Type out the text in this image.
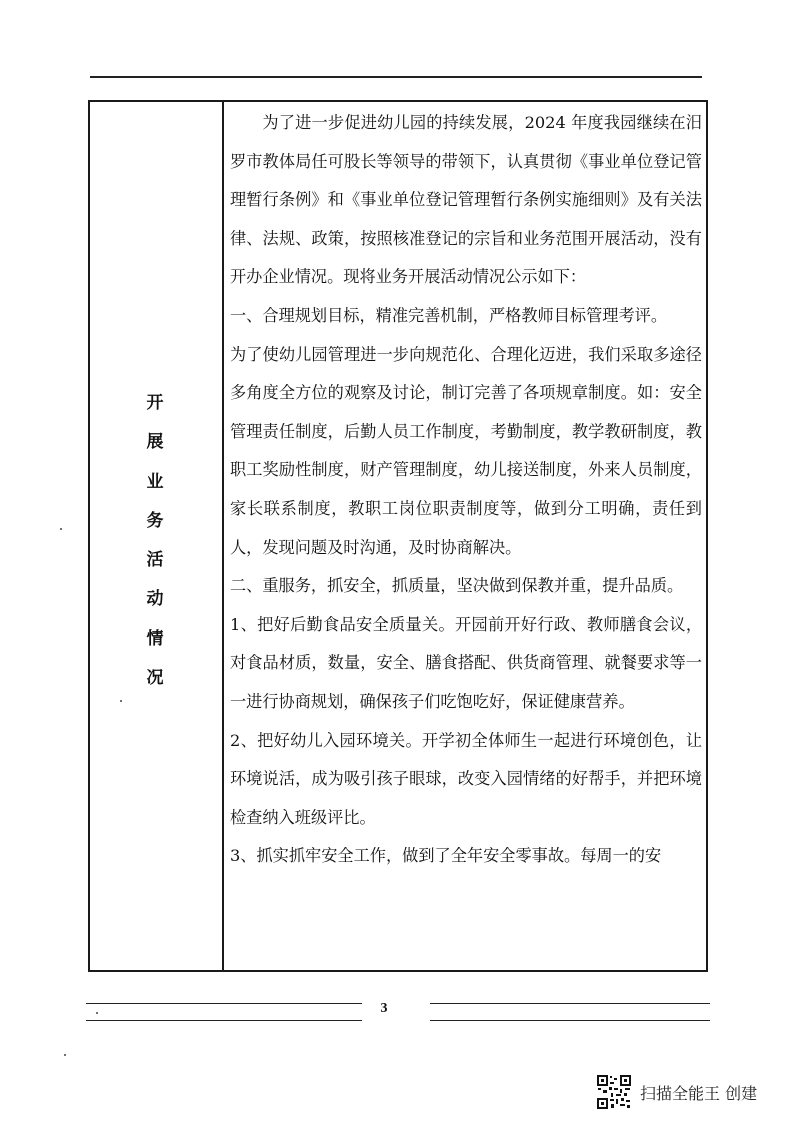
开
展
业
务
活
动
情
况

为了进一步促进幼儿园的持续发展，2024 年度我园继续在汨罗市教体局任可股长等领导的带领下，认真贯彻《事业单位登记管理暂行条例》和《事业单位登记管理暂行条例实施细则》及有关法律、法规、政策，按照核准登记的宗旨和业务范围开展活动，没有开办企业情况。现将业务开展活动情况公示如下：

一、合理规划目标，精准完善机制，严格教师目标管理考评。

为了使幼儿园管理进一步向规范化、合理化迈进，我们采取多途径多角度全方位的观察及讨论，制订完善了各项规章制度。如：安全管理责任制度，后勤人员工作制度，考勤制度，教学教研制度，教职工奖励性制度，财产管理制度，幼儿接送制度，外来人员制度，家长联系制度，教职工岗位职责制度等，做到分工明确，责任到人，发现问题及时沟通，及时协商解决。

二、重服务，抓安全，抓质量，坚决做到保教并重，提升品质。

1、把好后勤食品安全质量关。开园前开好行政、教师膳食会议，对食品材质，数量，安全、膳食搭配、供货商管理、就餐要求等一一进行协商规划，确保孩子们吃饱吃好，保证健康营养。

2、把好幼儿入园环境关。开学初全体师生一起进行环境创色，让环境说活，成为吸引孩子眼球，改变入园情绪的好帮手，并把环境检查纳入班级评比。

3、抓实抓牢安全工作，做到了全年安全零事故。每周一的安

3
扫描全能王 创建
